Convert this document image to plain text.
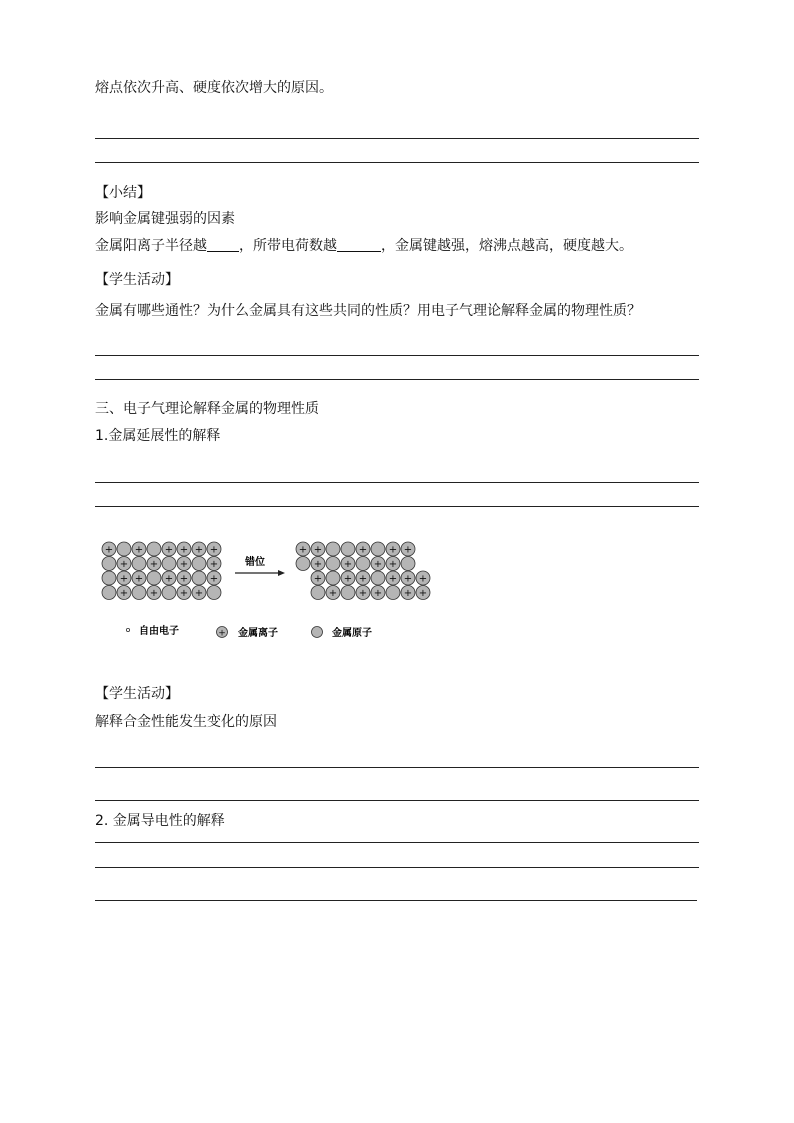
熔点依次升高、硬度依次增大的原因。
【小结】
影响金属键强弱的因素
金属阳离子半径越 ，所带电荷数越	，金属键越强，熔沸点越高，硬度越大。
【学生活动】
金属有哪些通性？为什么金属具有这些共同的性质？用电子气理论解释金属的物理性质？
三、电子气理论解释金属的物理性质
1.金属延展性的解释
+ + + + + +
+ + + +
+ + + + +
+ + + +
+ +	+ + +
+ + + +
+ + + + + +
+ + + + +
错位
自由电子	+ 金属离子	金属原子
【学生活动】
解释合金性能发生变化的原因
2. 金属导电性的解释
